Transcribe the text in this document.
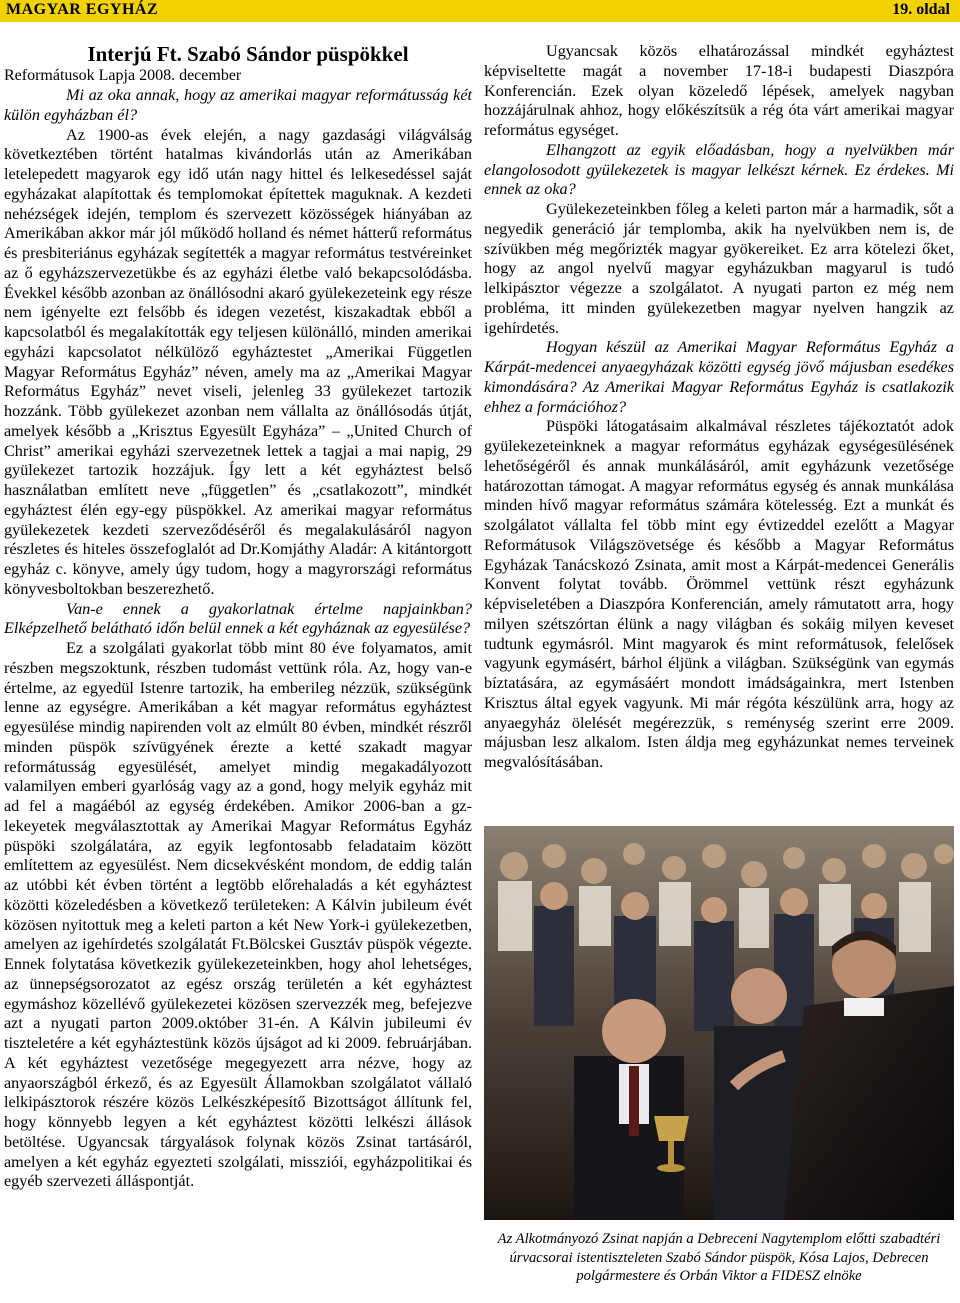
MAGYAR EGYHÁZ	19. oldal

Interjú Ft. Szabó Sándor püspökkel

Reformátusok Lapja 2008. december

Mi az oka annak, hogy az amerikai magyar reformátusság két külön egyházban él?

Az 1900-as évek elején, a nagy gazdasági világválság következtében történt hatalmas kivándorlás után az Amerikában letelepedett magyarok egy idő után nagy hittel és lelkesedéssel saját egyházakat alapítottak és templomokat építettek maguknak. A kezdeti nehézségek idején, templom és szervezett közösségek hiányában az Amerikában akkor már jól működő holland és német hátterű református és presbiteriánus egyházak segítették a magyar református testvéreinket az ő egyházszervezetükbe és az egyházi életbe való bekapcsolódásba. Évekkel később azonban az önállósodni akaró gyülekezeteink egy része nem igényelte ezt felsőbb és idegen vezetést, kiszakadtak ebből a kapcsolatból és megalakították egy teljesen különálló, minden amerikai egyházi kapcsolatot nélkülöző egyháztestet „Amerikai Független Magyar Református Egyház” néven, amely ma az „Amerikai Magyar Református Egyház” nevet viseli, jelenleg 33 gyülekezet tartozik hozzánk. Több gyülekezet azonban nem vállalta az önállósodás útját, amelyek később a „Krisztus Egyesült Egyháza” – „United Church of Christ” amerikai egyházi szervezetnek lettek a tagjai a mai napig, 29 gyülekezet tartozik hozzájuk. Így lett a két egyháztest belső használatban említett neve „független” és „csatlakozott”, mindkét egyháztest élén egy-egy püspökkel. Az amerikai magyar református gyülekezetek kezdeti szerveződéséről és megalakulásáról nagyon részletes és hiteles összefoglalót ad Dr.Komjáthy Aladár: A kitántorgott egyház c. könyve, amely úgy tudom, hogy a magyrországi református könyvesboltokban beszerezhető.

Van-e ennek a gyakorlatnak értelme napjainkban? Elképzelhető belátható időn belül ennek a két egyháznak az egyesülése?

Ez a szolgálati gyakorlat több mint 80 éve folyamatos, amit részben megszoktunk, részben tudomást vettünk róla. Az, hogy van-e értelme, az egyedül Istenre tartozik, ha emberileg nézzük, szükségünk lenne az egységre. Amerikában a két magyar református egyháztest egyesülése mindig napirenden volt az elmúlt 80 évben, mindkét részről minden püspök szívügyének érezte a ketté szakadt magyar reformátusság egyesülését, amelyet mindig megakadályozott valamilyen emberi gyarlóság vagy az a gond, hogy melyik egyház mit ad fel a magáéból az egység érdekében. Amikor 2006-ban a gz-lekeyetek megválasztottak ay Amerikai Magyar Református Egyház püspöki szolgálatára, az egyik legfontosabb feladataim között említettem az egyesülést. Nem dicsekvésként mondom, de eddig talán az utóbbi két évben történt a legtöbb előrehaladás a két egyháztest közötti közeledésben a következő területeken: A Kálvin jubileum évét közösen nyitottuk meg a keleti parton a két New York-i gyülekezetben, amelyen az igehírdetés szolgálatát Ft.Bölcskei Gusztáv püspök végezte. Ennek folytatása következik gyülekezeteinkben, hogy ahol lehetséges, az ünnepségsorozatot az egész ország területén a két egyháztest egymáshoz közellévő gyülekezetei közösen szervezzék meg, befejezve azt a nyugati parton 2009.október 31-én. A Kálvin jubileumi év tiszteletére a két egyháztestünk közös újságot ad ki 2009. februárjában. A két egyháztest vezetősége megegyezett arra nézve, hogy az anyaországból érkező, és az Egyesült Államokban szolgálatot vállaló lelkipásztorok részére közös Lelkészképesítő Bizottságot állítunk fel, hogy könnyebb legyen a két egyháztest közötti lelkészi állások betöltése. Ugyancsak tárgyalások folynak közös Zsinat tartásáról, amelyen a két egyház egyezteti szolgálati, missziói, egyházpolitikai és egyéb szervezeti álláspontját.

Ugyancsak közös elhatározással mindkét egyháztest képviseltette magát a november 17-18-i budapesti Diaszpóra Konferencián. Ezek olyan közeledő lépések, amelyek nagyban hozzájárulnak ahhoz, hogy előkészítsük a rég óta várt amerikai magyar református egységet.

Elhangzott az egyik előadásban, hogy a nyelvükben már elangolosodott gyülekezetek is magyar lelkészt kérnek. Ez érdekes. Mi ennek az oka?

Gyülekezeteinkben főleg a keleti parton már a harmadik, sőt a negyedik generáció jár templomba, akik ha nyelvükben nem is, de szívükben még megőrizték magyar gyökereiket. Ez arra kötelezi őket, hogy az angol nyelvű magyar egyházukban magyarul is tudó lelkipásztor végezze a szolgálatot. A nyugati parton ez még nem probléma, itt minden gyülekezetben magyar nyelven hangzik az igehírdetés.

Hogyan készül az Amerikai Magyar Református Egyház a Kárpát-medencei anyaegyházak közötti egység jövő májusban esedékes kimondására? Az Amerikai Magyar Református Egyház is csatlakozik ehhez a formációhoz?

Püspöki látogatásaim alkalmával részletes tájékoztatót adok gyülekezeteinknek a magyar református egyházak egységesülésének lehetőségéről és annak munkálásáról, amit egyházunk vezetősége határozottan támogat. A magyar református egység és annak munkálása minden hívő magyar református számára kötelesség. Ezt a munkát és szolgálatot vállalta fel több mint egy évtizeddel ezelőtt a Magyar Reformátusok Világszövetsége és később a Magyar Református Egyházak Tanácskozó Zsinata, amit most a Kárpát-medencei Generális Konvent folytat tovább. Örömmel vettünk részt egyházunk képviseletében a Diaszpóra Konferencián, amely rámutatott arra, hogy milyen szétszórtan élünk a nagy világban és sokáig milyen keveset tudtunk egymásról. Mint magyarok és mint reformátusok, felelősek vagyunk egymásért, bárhol éljünk a világban. Szükségünk van egymás bíztatására, az egymásáért mondott imádságainkra, mert Istenben Krisztus által egyek vagyunk. Mi már régóta készülünk arra, hogy az anyaegyház ölelését megérezzük, s reménység szerint erre 2009. májusban lesz alkalom. Isten áldja meg egyházunkat nemes terveinek megvalósításában.

Az Alkotmányozó Zsinat napján a Debreceni Nagytemplom előtti szabadtéri úrvacsorai istentiszteleten Szabó Sándor püspök, Kósa Lajos, Debrecen polgármestere és Orbán Viktor a FIDESZ elnöke
